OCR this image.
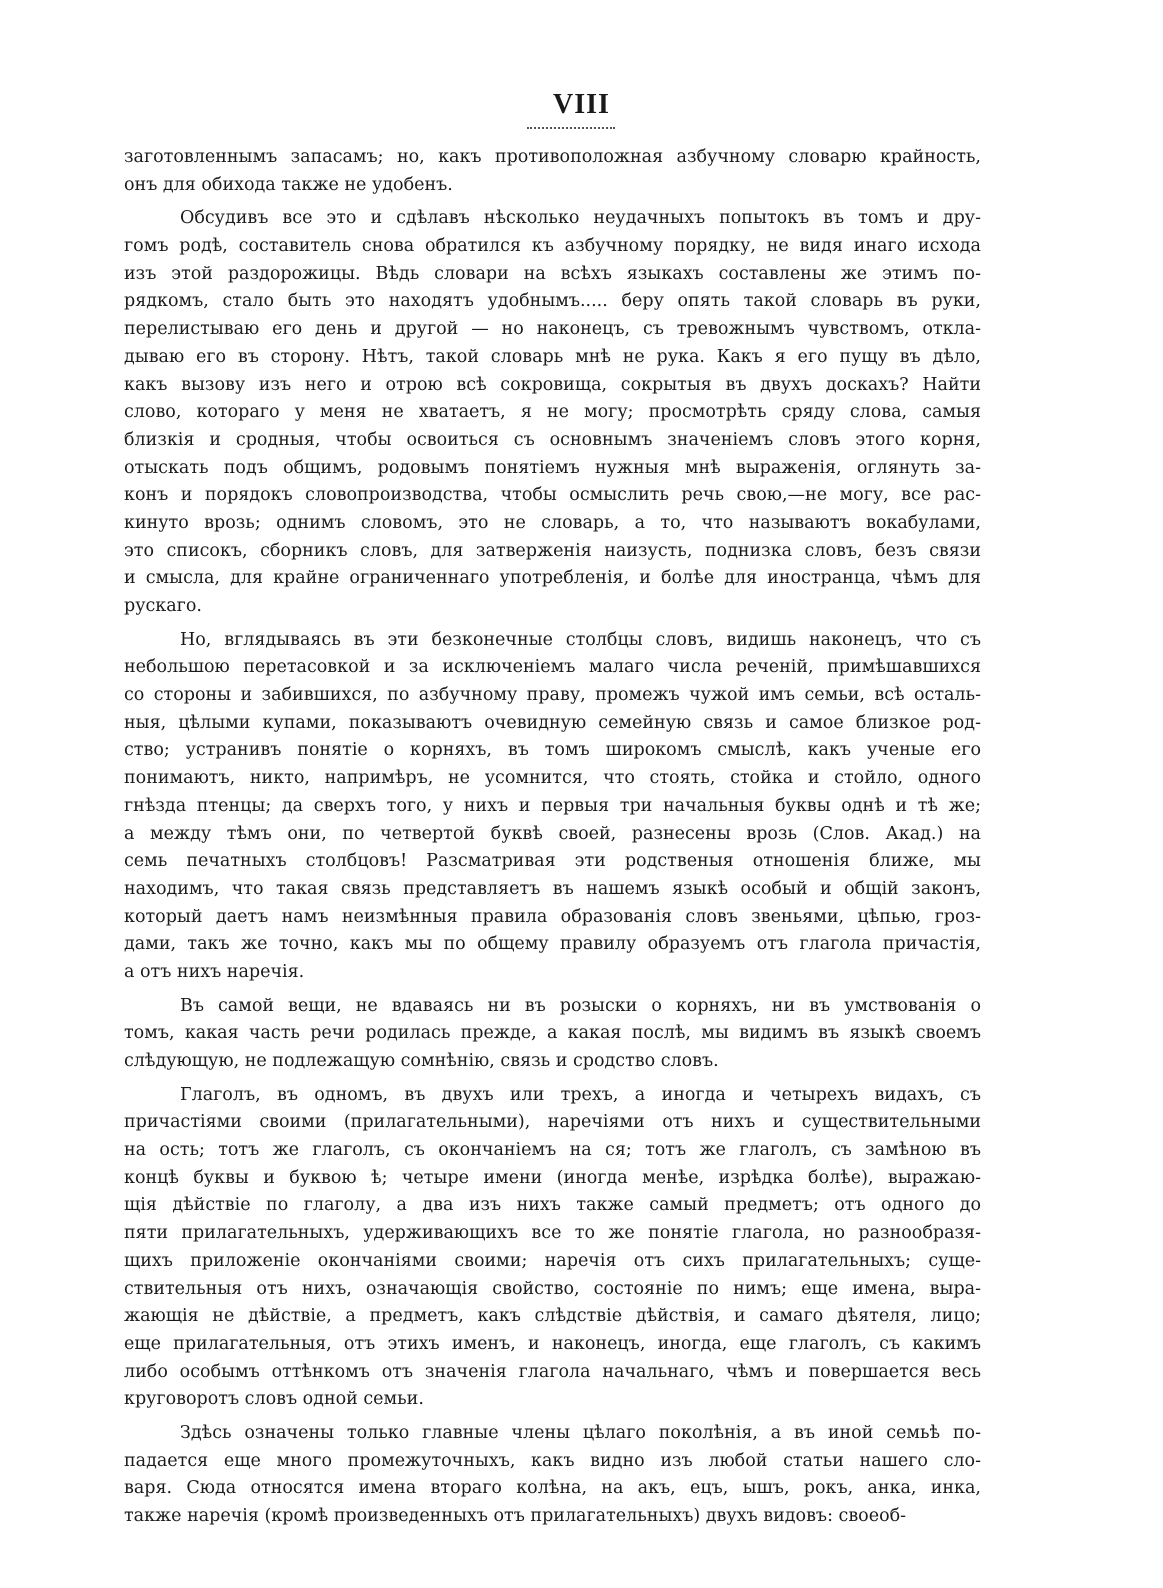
VIII
заготовленнымъ запасамъ; но, какъ противоположная азбучному словарю крайность,
онъ для обихода также не удобенъ.
Обсудивъ все это и сдѣлавъ нѣсколько неудачныхъ попытокъ въ томъ и дру-
гомъ родѣ, составитель снова обратился къ азбучному порядку, не видя инаго исхода
изъ этой раздорожицы. Вѣдь словари на всѣхъ языкахъ составлены же этимъ по-
рядкомъ, стало быть это находятъ удобнымъ..... беру опять такой словарь въ руки,
перелистываю его день и другой — но наконецъ, съ тревожнымъ чувствомъ, откла-
дываю его въ сторону. Нѣтъ, такой словарь мнѣ не рука. Какъ я его пущу въ дѣло,
какъ вызову изъ него и отрою всѣ сокровища, сокрытыя въ двухъ доскахъ? Найти
слово, котораго у меня не хватаетъ, я не могу; просмотрѣть сряду слова, самыя
близкія и сродныя, чтобы освоиться съ основнымъ значеніемъ словъ этого корня,
отыскать подъ общимъ, родовымъ понятіемъ нужныя мнѣ выраженія, оглянуть за-
конъ и порядокъ словопроизводства, чтобы осмыслить речь свою,—не могу, все рас-
кинуто врозь; однимъ словомъ, это не словарь, а то, что называютъ вокабулами,
это списокъ, сборникъ словъ, для затверженія наизусть, поднизка словъ, безъ связи
и смысла, для крайне ограниченнаго употребленія, и болѣе для иностранца, чѣмъ для
рускаго.
Но, вглядываясь въ эти безконечные столбцы словъ, видишь наконецъ, что съ
небольшою перетасовкой и за исключеніемъ малаго числа реченій, примѣшавшихся
со стороны и забившихся, по азбучному праву, промежъ чужой имъ семьи, всѣ осталь-
ныя, цѣлыми купами, показываютъ очевидную семейную связь и самое близкое род-
ство; устранивъ понятіе о корняхъ, въ томъ широкомъ смыслѣ, какъ ученые его
понимаютъ, никто, напримѣръ, не усомнится, что стоять, стойка и стойло, одного
гнѣзда птенцы; да сверхъ того, у нихъ и первыя три начальныя буквы однѣ и тѣ же;
а между тѣмъ они, по четвертой буквѣ своей, разнесены врозь (Слов. Акад.) на
семь печатныхъ столбцовъ! Разсматривая эти родственыя отношенія ближе, мы
находимъ, что такая связь представляетъ въ нашемъ языкѣ особый и общій законъ,
который даетъ намъ неизмѣнныя правила образованія словъ звеньями, цѣпью, гроз-
дами, такъ же точно, какъ мы по общему правилу образуемъ отъ глагола причастія,
а отъ нихъ наречія.
Въ самой вещи, не вдаваясь ни въ розыски о корняхъ, ни въ умствованія о
томъ, какая часть речи родилась прежде, а какая послѣ, мы видимъ въ языкѣ своемъ
слѣдующую, не подлежащую сомнѣнію, связь и сродство словъ.
Глаголъ, въ одномъ, въ двухъ или трехъ, а иногда и четырехъ видахъ, съ
причастіями своими (прилагательными), наречіями отъ нихъ и существительными
на ость; тотъ же глаголъ, съ окончаніемъ на ся; тотъ же глаголъ, съ замѣною въ
концѣ буквы и буквою ѣ; четыре имени (иногда менѣе, изрѣдка болѣе), выражаю-
щія дѣйствіе по глаголу, а два изъ нихъ также самый предметъ; отъ одного до
пяти прилагательныхъ, удерживающихъ все то же понятіе глагола, но разнообразя-
щихъ приложеніе окончаніями своими; наречія отъ сихъ прилагательныхъ; суще-
ствительныя отъ нихъ, означающія свойство, состояніе по нимъ; еще имена, выра-
жающія не дѣйствіе, а предметъ, какъ слѣдствіе дѣйствія, и самаго дѣятеля, лицо;
еще прилагательныя, отъ этихъ именъ, и наконецъ, иногда, еще глаголъ, съ какимъ
либо особымъ оттѣнкомъ отъ значенія глагола начальнаго, чѣмъ и повершается весь
круговоротъ словъ одной семьи.
Здѣсь означены только главные члены цѣлаго поколѣнія, а въ иной семьѣ по-
падается еще много промежуточныхъ, какъ видно изъ любой статьи нашего сло-
варя. Сюда относятся имена втораго колѣна, на акъ, ецъ, ышъ, рокъ, анка, инка,
также наречія (кромѣ произведенныхъ отъ прилагательныхъ) двухъ видовъ: своеоб-
